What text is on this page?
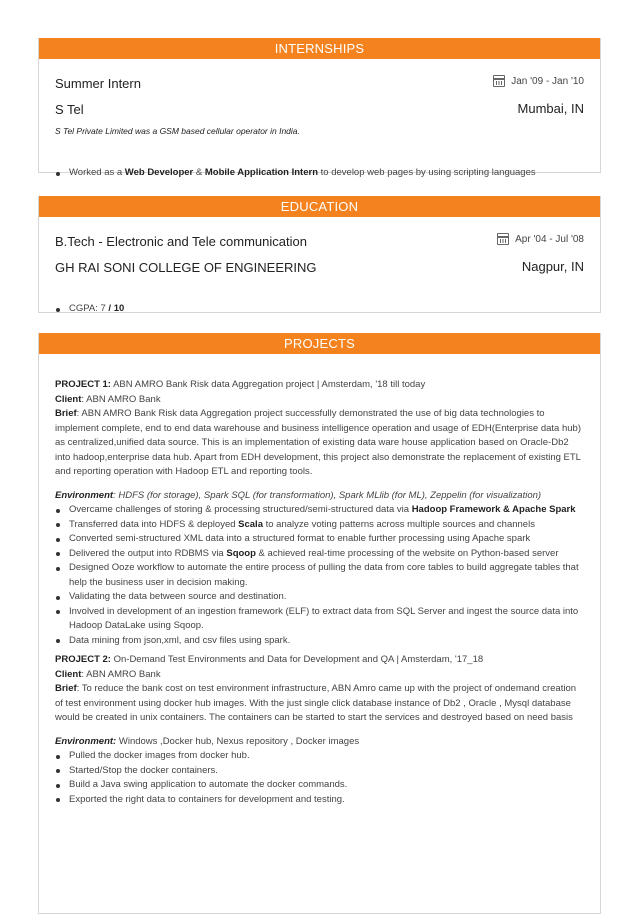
INTERNSHIPS
Summer Intern	Jan '09 - Jan '10
S Tel	Mumbai, IN
S Tel Private Limited was a GSM based cellular operator in India.
Worked as a Web Developer & Mobile Application Intern to develop web pages by using scripting languages
EDUCATION
B.Tech - Electronic and Tele communication	Apr '04 - Jul '08
GH RAI SONI COLLEGE OF ENGINEERING	Nagpur, IN
CGPA: 7 / 10
PROJECTS
PROJECT 1: ABN AMRO Bank Risk data Aggregation project | Amsterdam, '18 till today
Client: ABN AMRO Bank
Brief: ABN AMRO Bank Risk data Aggregation project successfully demonstrated the use of big data technologies to implement complete, end to end data warehouse and business intelligence operation and usage of EDH(Enterprise data hub) as centralized,unified data source. This is an implementation of existing data ware house application based on Oracle-Db2 into hadoop,enterprise data hub. Apart from EDH development, this project also demonstrate the replacement of existing ETL and reporting operation with Hadoop ETL and reporting tools.
Environment: HDFS (for storage), Spark SQL (for transformation), Spark MLlib (for ML), Zeppelin (for visualization)
Overcame challenges of storing & processing structured/semi-structured data via Hadoop Framework & Apache Spark
Transferred data into HDFS & deployed Scala to analyze voting patterns across multiple sources and channels
Converted semi-structured XML data into a structured format to enable further processing using Apache spark
Delivered the output into RDBMS via Sqoop & achieved real-time processing of the website on Python-based server
Designed Ooze workflow to automate the entire process of pulling the data from core tables to build aggregate tables that help the business user in decision making.
Validating the data between source and destination.
Involved in development of an ingestion framework (ELF) to extract data from SQL Server and ingest the source data into Hadoop DataLake using Sqoop.
Data mining from json,xml, and csv files using spark.
PROJECT 2: On-Demand Test Environments and Data for Development and QA | Amsterdam, '17_18
Client: ABN AMRO Bank
Brief: To reduce the bank cost on test environment infrastructure, ABN Amro came up with the project of ondemand creation of test environment using docker hub images. With the just single click database instance of Db2 , Oracle , Mysql database would be created in unix containers. The containers can be started to start the services and destroyed based on need basis
Environment: Windows ,Docker hub, Nexus repository , Docker images
Pulled the docker images from docker hub.
Started/Stop the docker containers.
Build a Java swing application to automate the docker commands.
Exported the right data to containers for development and testing.
